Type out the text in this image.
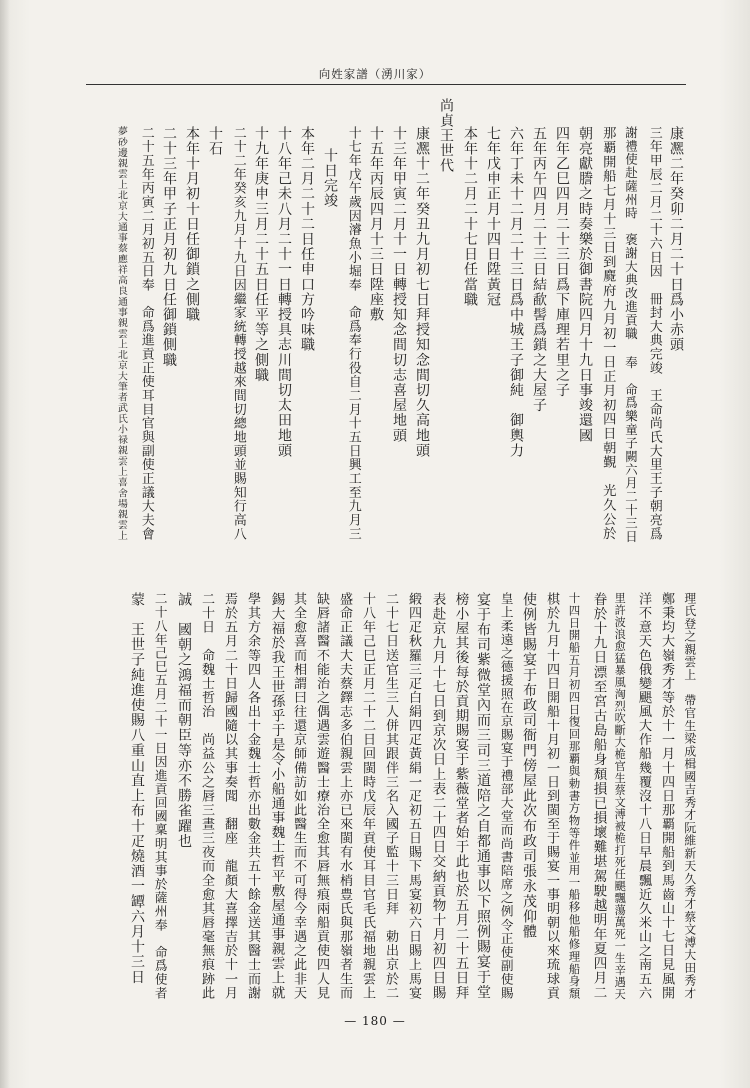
向姓家譜（湧川家）
康凞二年癸卯二月二十日爲小赤頭
三年甲辰二月二十六日因　冊封大典完竣　王命尚氏大里王子朝亮爲
謝禮使赴薩州時　褒謝大典改進貢職 奉　命爲樂童子闕六月二十三日
那覇開船七月十三日到麑府九月初一日正月初四日朝覲　光久公於
朝亮獻謄之時奏樂於御書院四月十九日事竣還國
四年乙巳四月二十三日爲下庫理若里之子
五年丙午四月二十三日結歃髻爲鎖之大屋子
六年丁未十二月二十三日爲中城王子御純　御輿力
七年戊申正月十四日陞黃冠
本年十二月二十七日任當職
尚貞王世代
康凞十二年癸丑九月初七日拜授知念間切久高地頭
十三年甲寅二月十一日轉授知念間切志喜屋地頭
十五年丙辰四月十三日陞座敷
十七年戊午歲因濬魚小堀奉　命爲奉行役自二月十五日興工至九月三
十日完竣
本年二月二十二日任申口方吟味職
十八年己未八月二十一日轉授具志川間切太田地頭
十九年庚申三月二十五日任平等之側職
二十二年癸亥九月十九日因繼家統轉授越來間切總地頭並賜知行高八
十石
本年十月初十日任御鎖之側職
二十三年甲子正月初九日任御鎖側職
二十五年丙寅二月初五日奉　命爲進貢正使耳目官與副使正議大夫會
夢砂邊親雲上北京大通事蔡應祥高良通事親雲上北京大筆者武氏小禄親雲上喜舍場親雲上
理氏登之親雲上　帶官生梁成楫國吉秀才阮維新天久秀才蔡文溥大田秀才
鄭秉均大嶺秀才等於十一月十四日那覇開船到馬齒山十七日見風開
洋不意天色俄變颶風大作船幾覆沒十八日早晨飄近久米山之南五六
里許波浪愈猛暴風洶烈吹斷大桅官生蔡文溥被桅打死任颶飄蕩萬死一生辛遇天
眷於十九日漂至宮古島船身頹損已損壞難堪駕駛越明年夏四月二
十四日開船五月初四日復回那覇與勅書方物等件並用一船移他船修理船身頹
棋於九月十四日開船十月初一日到閩至于賜宴一事明朝以來琉球貢
使例皆賜宴于布政司衙門傍屋此次布政司張永茂仰體
皇上柔遠之德援照在京賜宴于禮部大堂而尚書陪席之例令正使副使賜
宴于布司紫微堂內而三司三道陪之自都通事以下照例賜宴于堂
榜小屋其後每於貢期賜宴于紫薇堂者始于此也於五月二十五日拜
表赴京九月十七日到京次日上表二十四日交納貢物十月初四日賜
緞四疋秋羅三疋白絹四疋黃絹一疋初五日賜下馬宴初六日賜上馬宴
二十七日送官生三人併其跟伴三名入國子監十三日拜　勅出京於二
十八年己巳正月二十二日回閩時戊辰年貢使耳目官毛氏福地親雲上
盛命正議大夫蔡鐸志多伯親雲上亦已來閩有水梢豊氏與那嶺者生而
缺唇諸醫不能治之偶遇雲遊醫士療治全愈其唇無痕兩船貢使四人見
其全愈喜而相謂曰往還京師備訪如此醫生而不可得今幸遇之此非天
錫大福於我王世孫乎于是令小船通事魏士哲平敷屋通事親雲上就
學其方余等四人各出十金魏士哲亦出數金共五十餘金送其醫士而謝
焉於五月二十日歸國隨以其事奏聞　翻座　龍顏大喜擇吉於十一月
二十日　命魏士哲治　尚益公之唇三晝三夜而全愈其唇毫無痕跡此
誠　國朝之鴻福而朝臣等亦不勝雀躍也
二十八年己巳五月二十一日因進貢回國稟明其事於薩州奉　命爲使者
蒙　王世子純進使賜八重山直上布十疋燒酒一罈六月十三日
— 180 —
